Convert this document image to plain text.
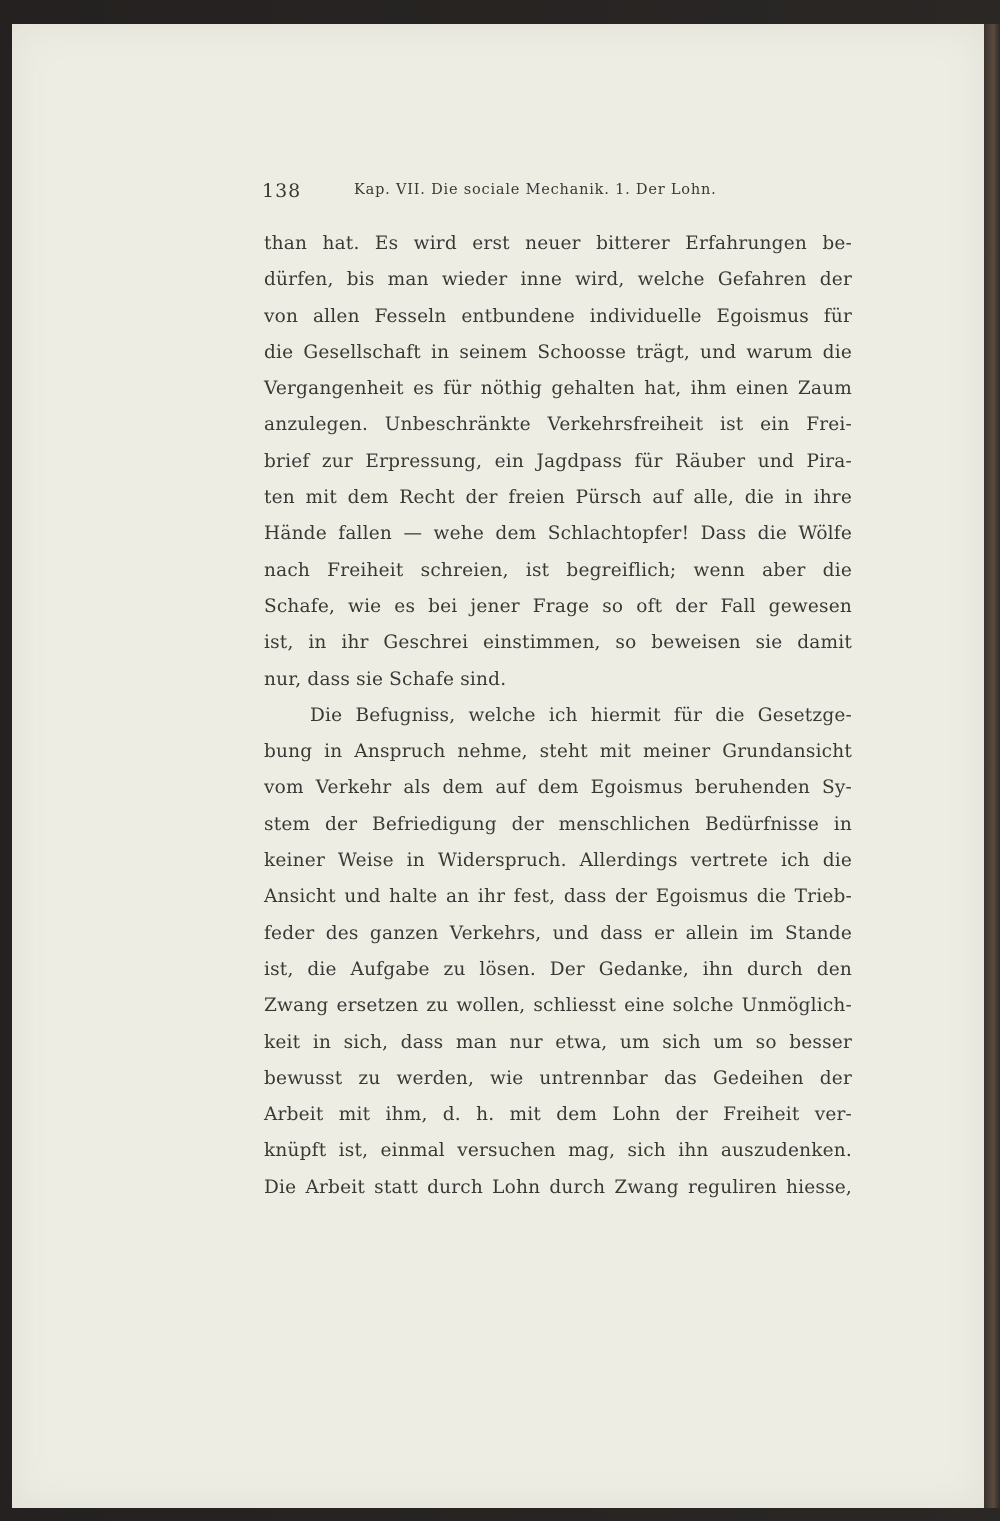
138	Kap. VII. Die sociale Mechanik. 1. Der Lohn.
than hat. Es wird erst neuer bitterer Erfahrungen be-
dürfen, bis man wieder inne wird, welche Gefahren der
von allen Fesseln entbundene individuelle Egoismus für
die Gesellschaft in seinem Schoosse trägt, und warum die
Vergangenheit es für nöthig gehalten hat, ihm einen Zaum
anzulegen. Unbeschränkte Verkehrsfreiheit ist ein Frei-
brief zur Erpressung, ein Jagdpass für Räuber und Pira-
ten mit dem Recht der freien Pürsch auf alle, die in ihre
Hände fallen — wehe dem Schlachtopfer! Dass die Wölfe
nach Freiheit schreien, ist begreiflich; wenn aber die
Schafe, wie es bei jener Frage so oft der Fall gewesen
ist, in ihr Geschrei einstimmen, so beweisen sie damit
nur, dass sie Schafe sind.
Die Befugniss, welche ich hiermit für die Gesetzge-
bung in Anspruch nehme, steht mit meiner Grundansicht
vom Verkehr als dem auf dem Egoismus beruhenden Sy-
stem der Befriedigung der menschlichen Bedürfnisse in
keiner Weise in Widerspruch. Allerdings vertrete ich die
Ansicht und halte an ihr fest, dass der Egoismus die Trieb-
feder des ganzen Verkehrs, und dass er allein im Stande
ist, die Aufgabe zu lösen. Der Gedanke, ihn durch den
Zwang ersetzen zu wollen, schliesst eine solche Unmöglich-
keit in sich, dass man nur etwa, um sich um so besser
bewusst zu werden, wie untrennbar das Gedeihen der
Arbeit mit ihm, d. h. mit dem Lohn der Freiheit ver-
knüpft ist, einmal versuchen mag, sich ihn auszudenken.
Die Arbeit statt durch Lohn durch Zwang reguliren hiesse,
